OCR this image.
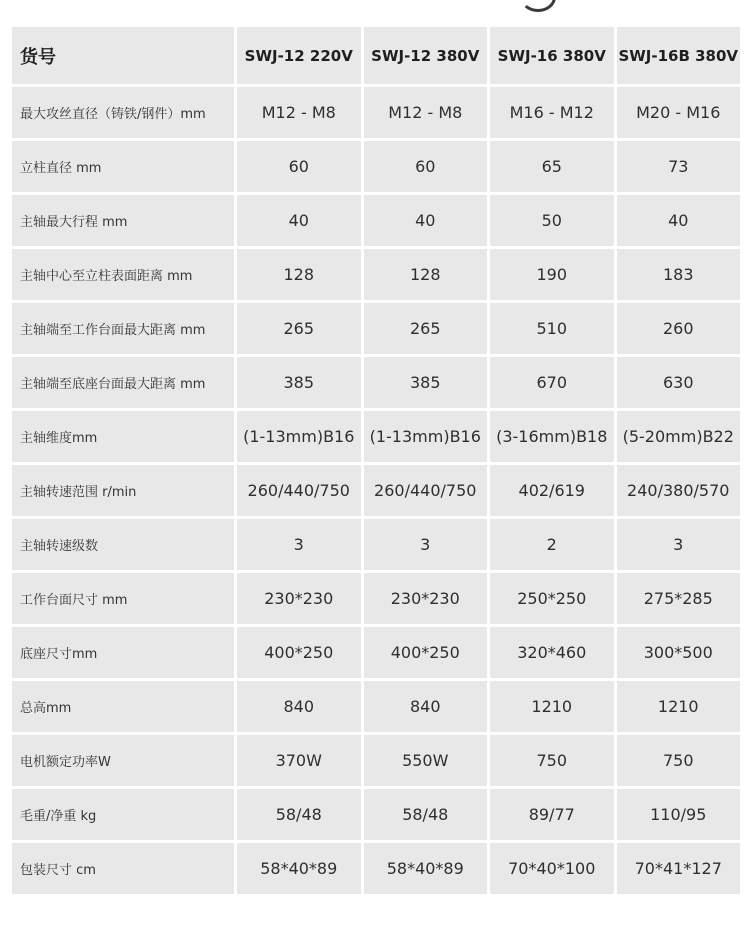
货号	SWJ-12 220V	SWJ-12 380V	SWJ-16 380V	SWJ-16B 380V
最大攻丝直径（铸铁/钢件）mm	M12 - M8	M12 - M8	M16 - M12	M20 - M16
立柱直径 mm	60	60	65	73
主轴最大行程 mm	40	40	50	40
主轴中心至立柱表面距离 mm	128	128	190	183
主轴端至工作台面最大距离 mm	265	265	510	260
主轴端至底座台面最大距离 mm	385	385	670	630
主轴维度mm	(1-13mm)B16	(1-13mm)B16	(3-16mm)B18	(5-20mm)B22
主轴转速范围 r/min	260/440/750	260/440/750	402/619	240/380/570
主轴转速级数	3	3	2	3
工作台面尺寸 mm	230*230	230*230	250*250	275*285
底座尺寸mm	400*250	400*250	320*460	300*500
总高mm	840	840	1210	1210
电机额定功率W	370W	550W	750	750
毛重/净重 kg	58/48	58/48	89/77	110/95
包装尺寸 cm	58*40*89	58*40*89	70*40*100	70*41*127
